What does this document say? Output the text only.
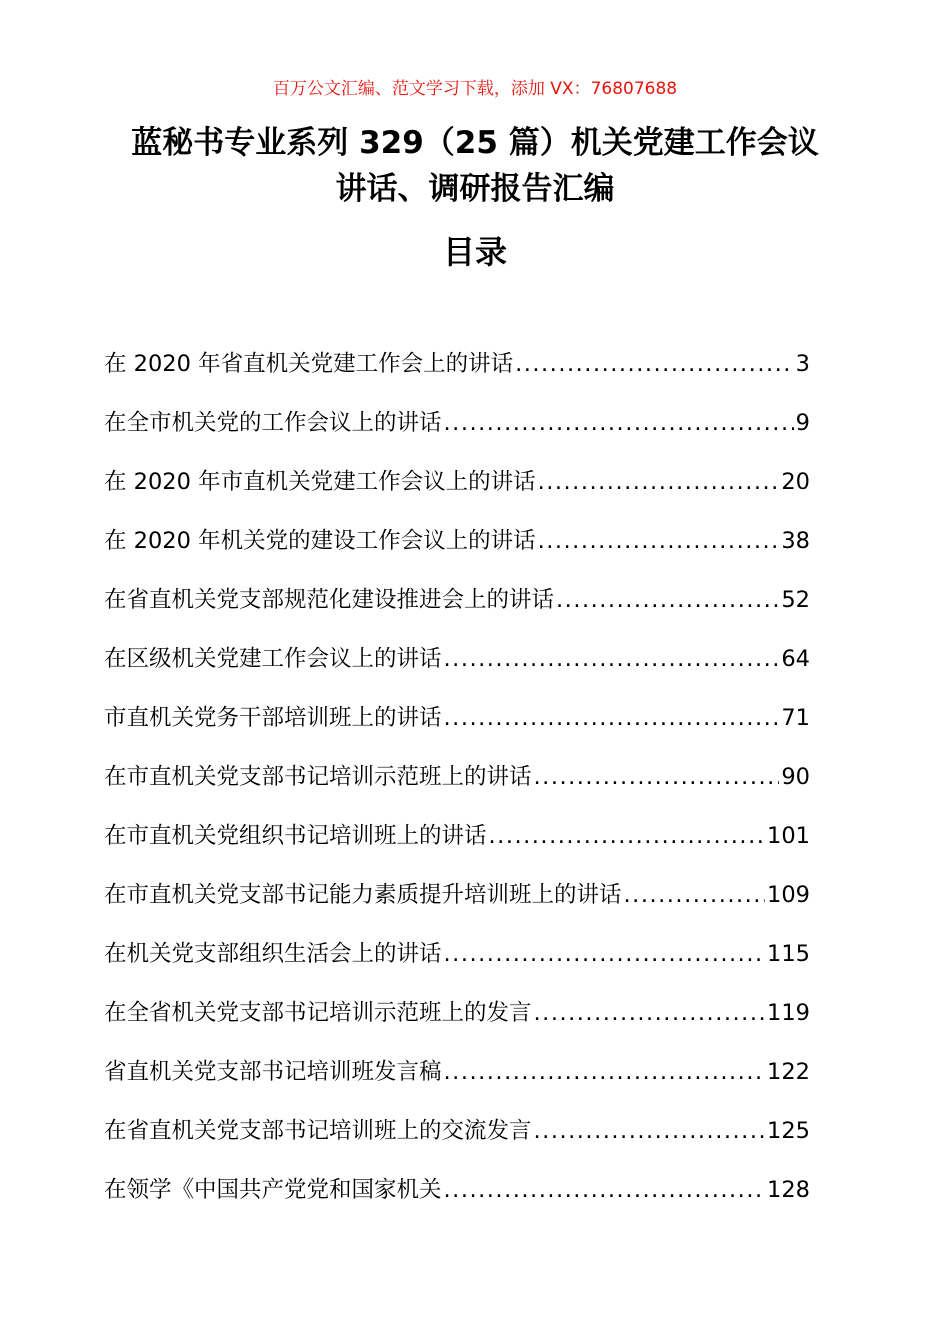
百万公文汇编、范文学习下载，添加 VX：76807688
蓝秘书专业系列 329（25 篇）机关党建工作会议
讲话、调研报告汇编
目录
在 2020 年省直机关党建工作会上的讲话 .....	3
在全市机关党的工作会议上的讲话 .....	9
在 2020 年市直机关党建工作会议上的讲话 .....	20
在 2020 年机关党的建设工作会议上的讲话 .....	38
在省直机关党支部规范化建设推进会上的讲话 .....	52
在区级机关党建工作会议上的讲话 .....	64
市直机关党务干部培训班上的讲话 .....	71
在市直机关党支部书记培训示范班上的讲话 .....	90
在市直机关党组织书记培训班上的讲话 .....	101
在市直机关党支部书记能力素质提升培训班上的讲话 .....	109
在机关党支部组织生活会上的讲话 .....	115
在全省机关党支部书记培训示范班上的发言 .....	119
省直机关党支部书记培训班发言稿 .....	122
在省直机关党支部书记培训班上的交流发言 .....	125
在领学《中国共产党党和国家机关 .....	128
